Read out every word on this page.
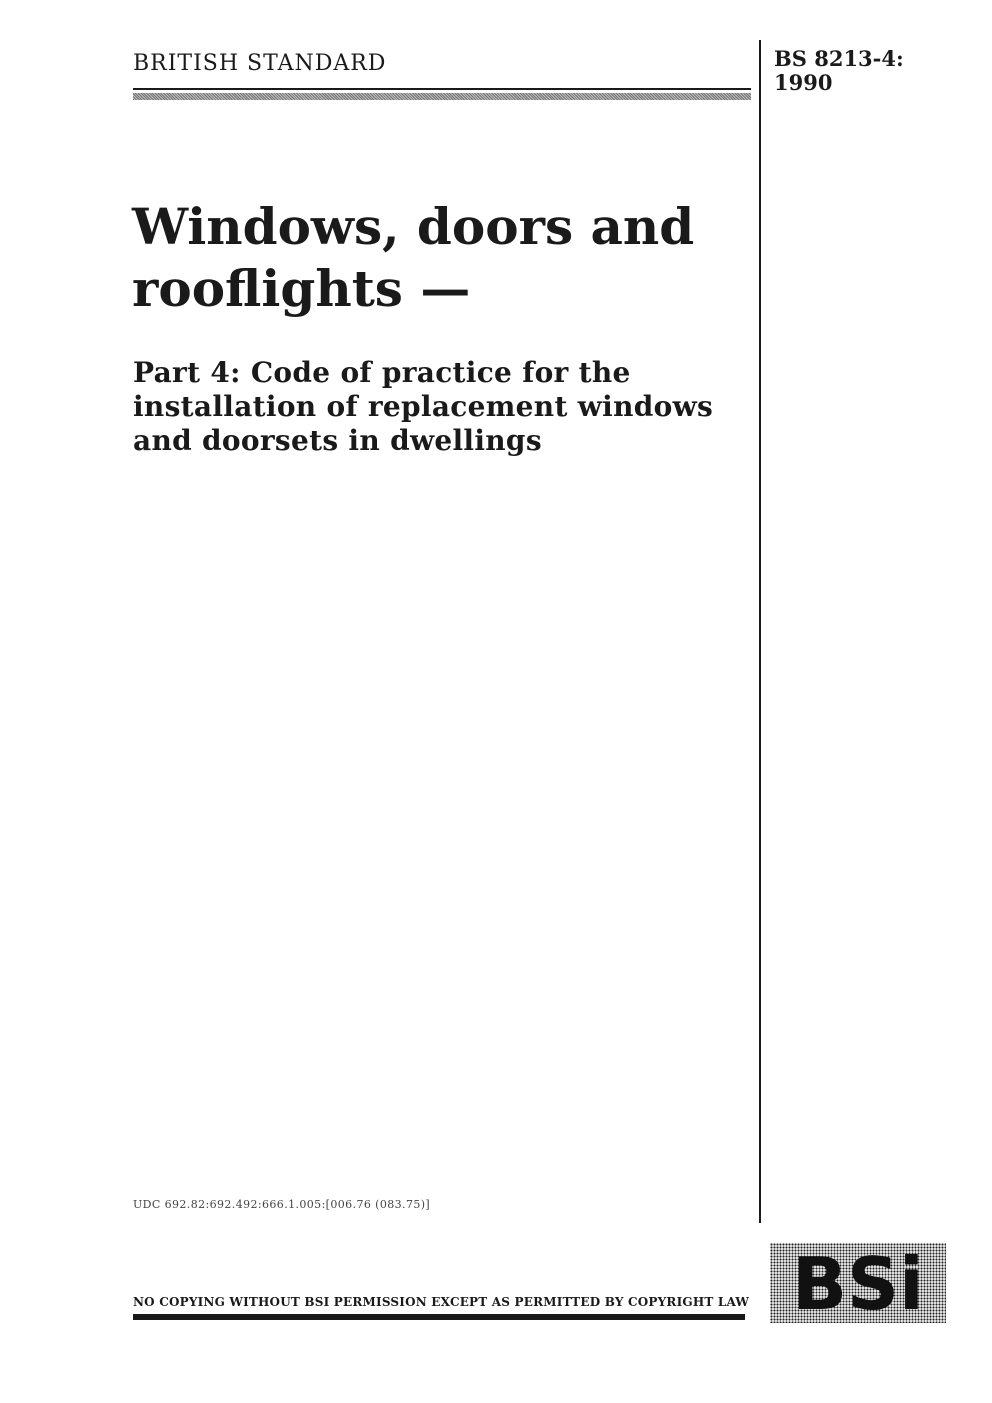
BRITISH STANDARD	BS 8213-4:
1990
Windows, doors and
rooflights —
Part 4: Code of practice for the
installation of replacement windows
and doorsets in dwellings
UDC 692.82:692.492:666.1.005:[006.76 (083.75)]
NO COPYING WITHOUT BSI PERMISSION EXCEPT AS PERMITTED BY COPYRIGHT LAW BSi
